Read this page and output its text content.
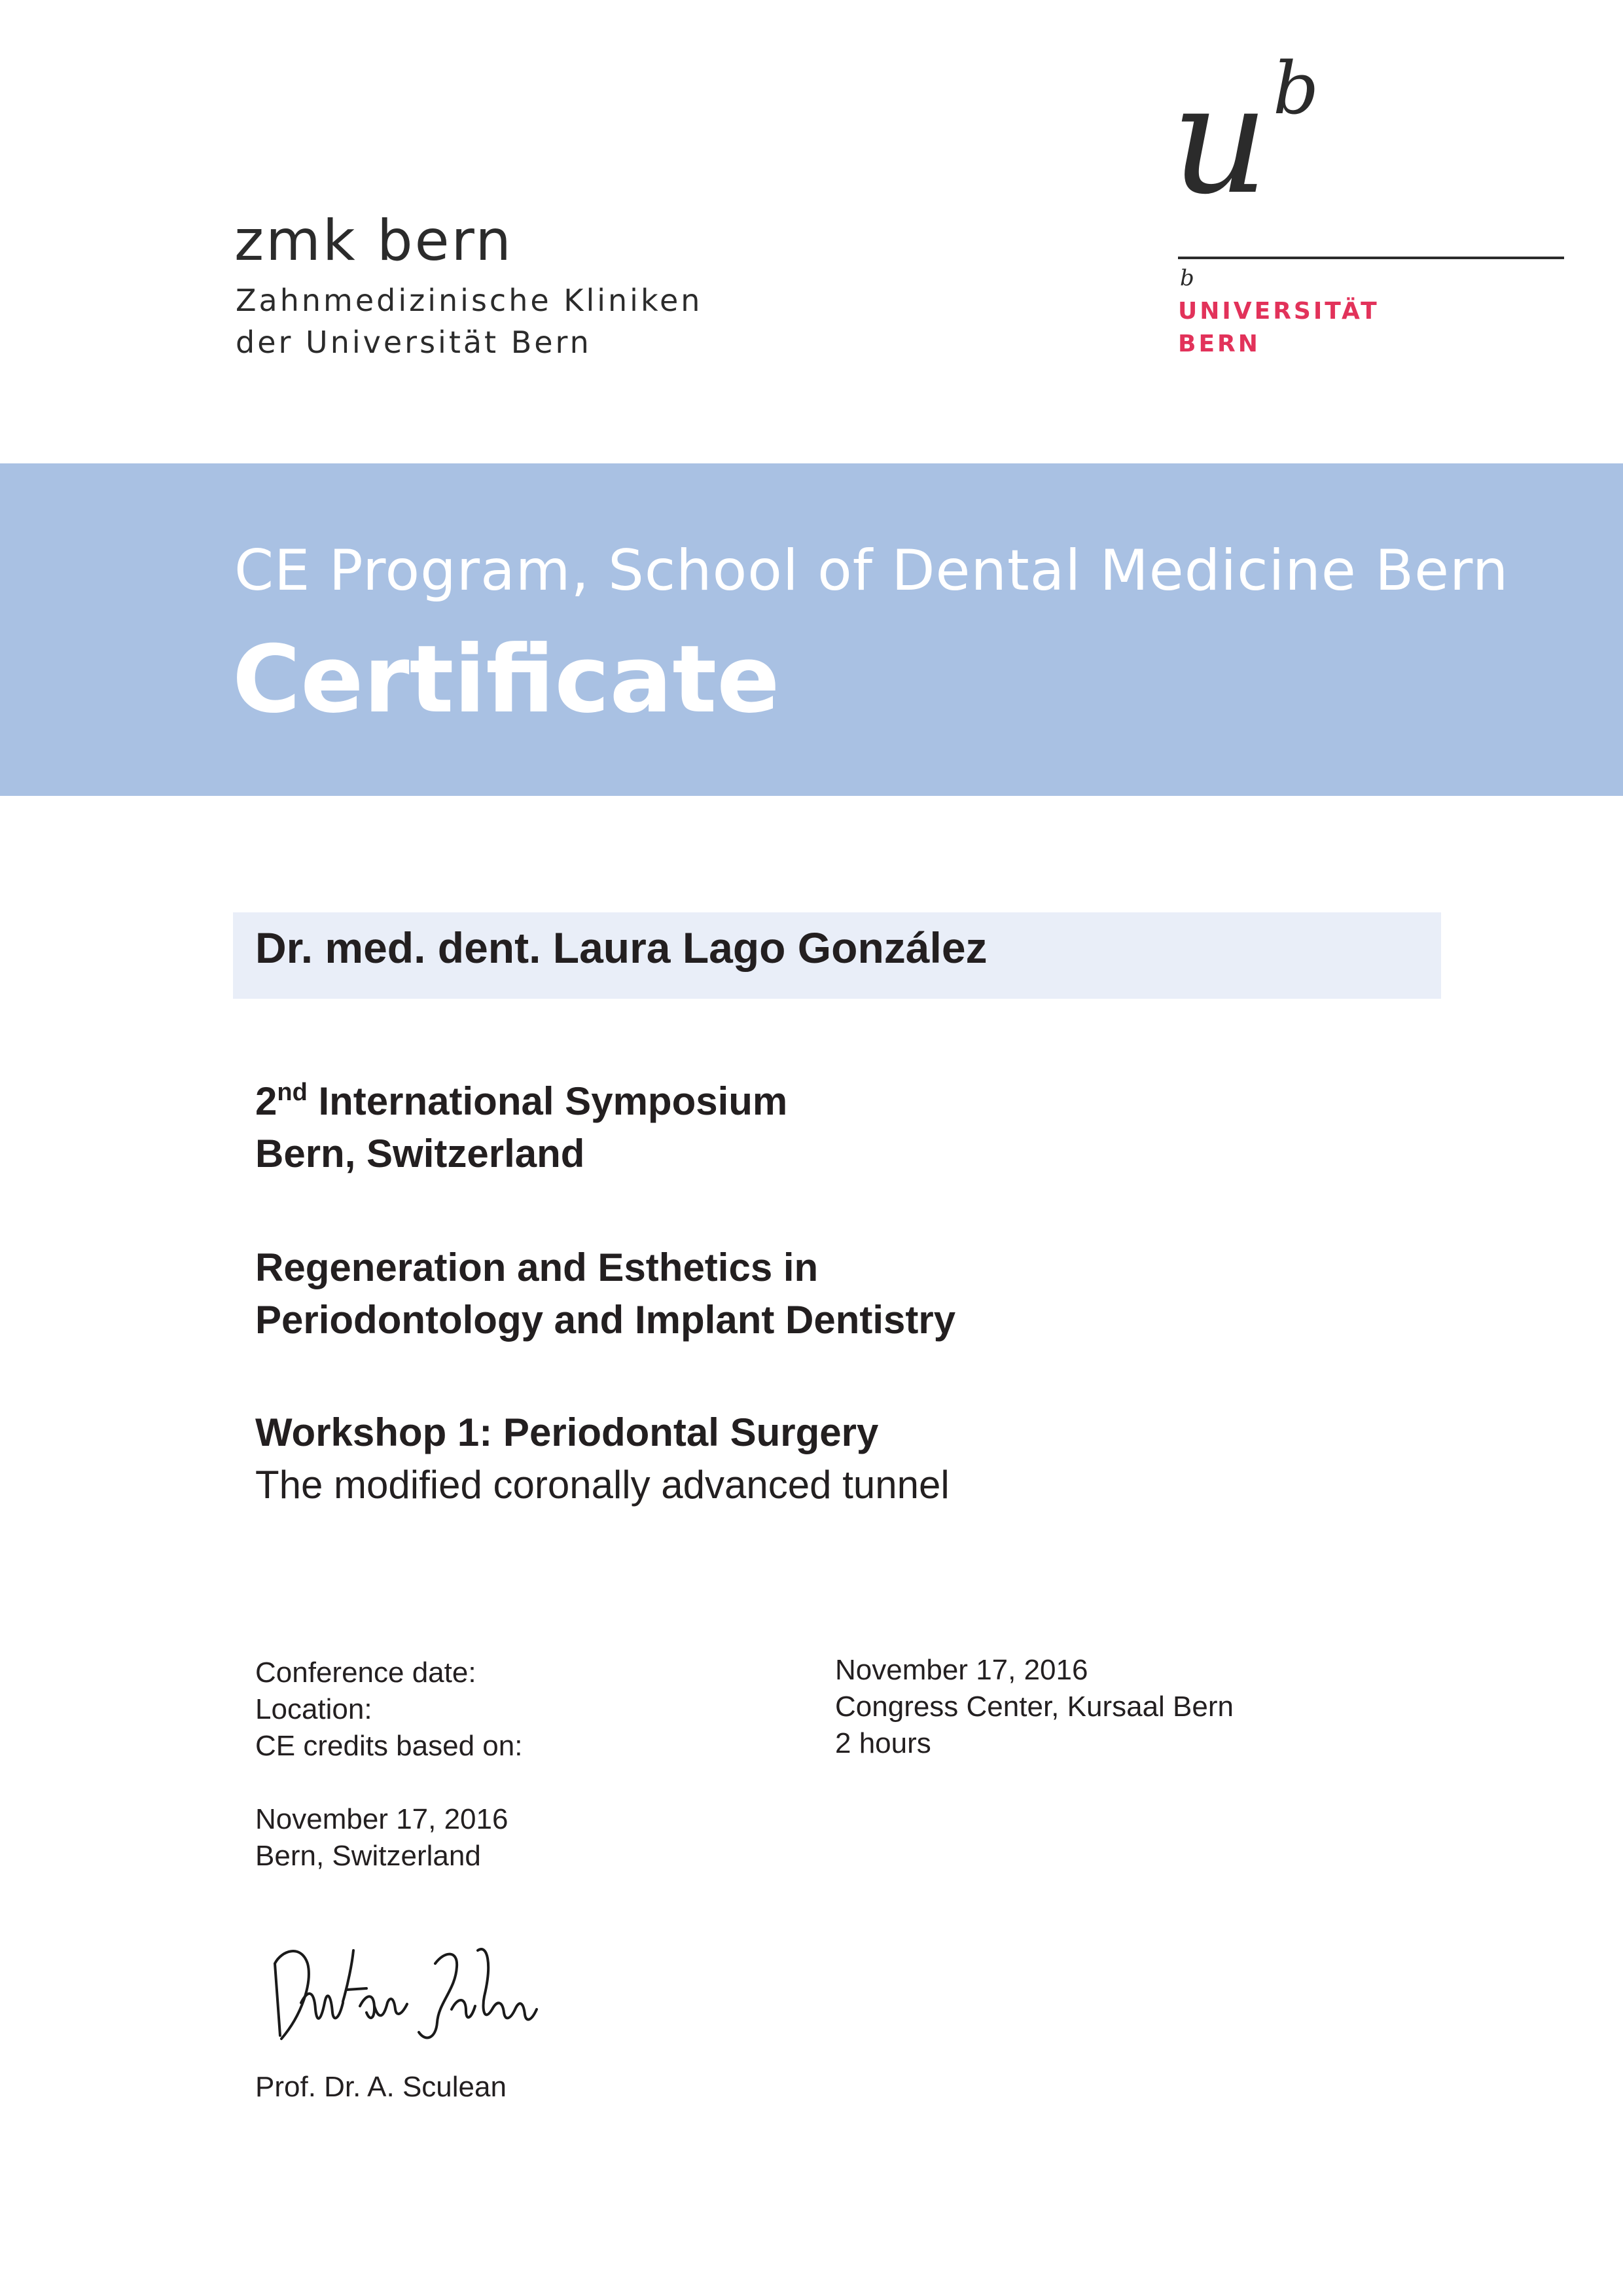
zmk bern
Zahnmedizinische Kliniken
der Universität Bern
u b
b
UNIVERSITÄT
BERN
CE Program, School of Dental Medicine Bern
Certificate
Dr. med. dent. Laura Lago González
2nd International Symposium
Bern, Switzerland
Regeneration and Esthetics in
Periodontology and Implant Dentistry
Workshop 1: Periodontal Surgery
The modified coronally advanced tunnel
Conference date:
Location:
CE credits based on:
November 17, 2016
Congress Center, Kursaal Bern
2 hours
November 17, 2016
Bern, Switzerland
Prof. Dr. A. Sculean
